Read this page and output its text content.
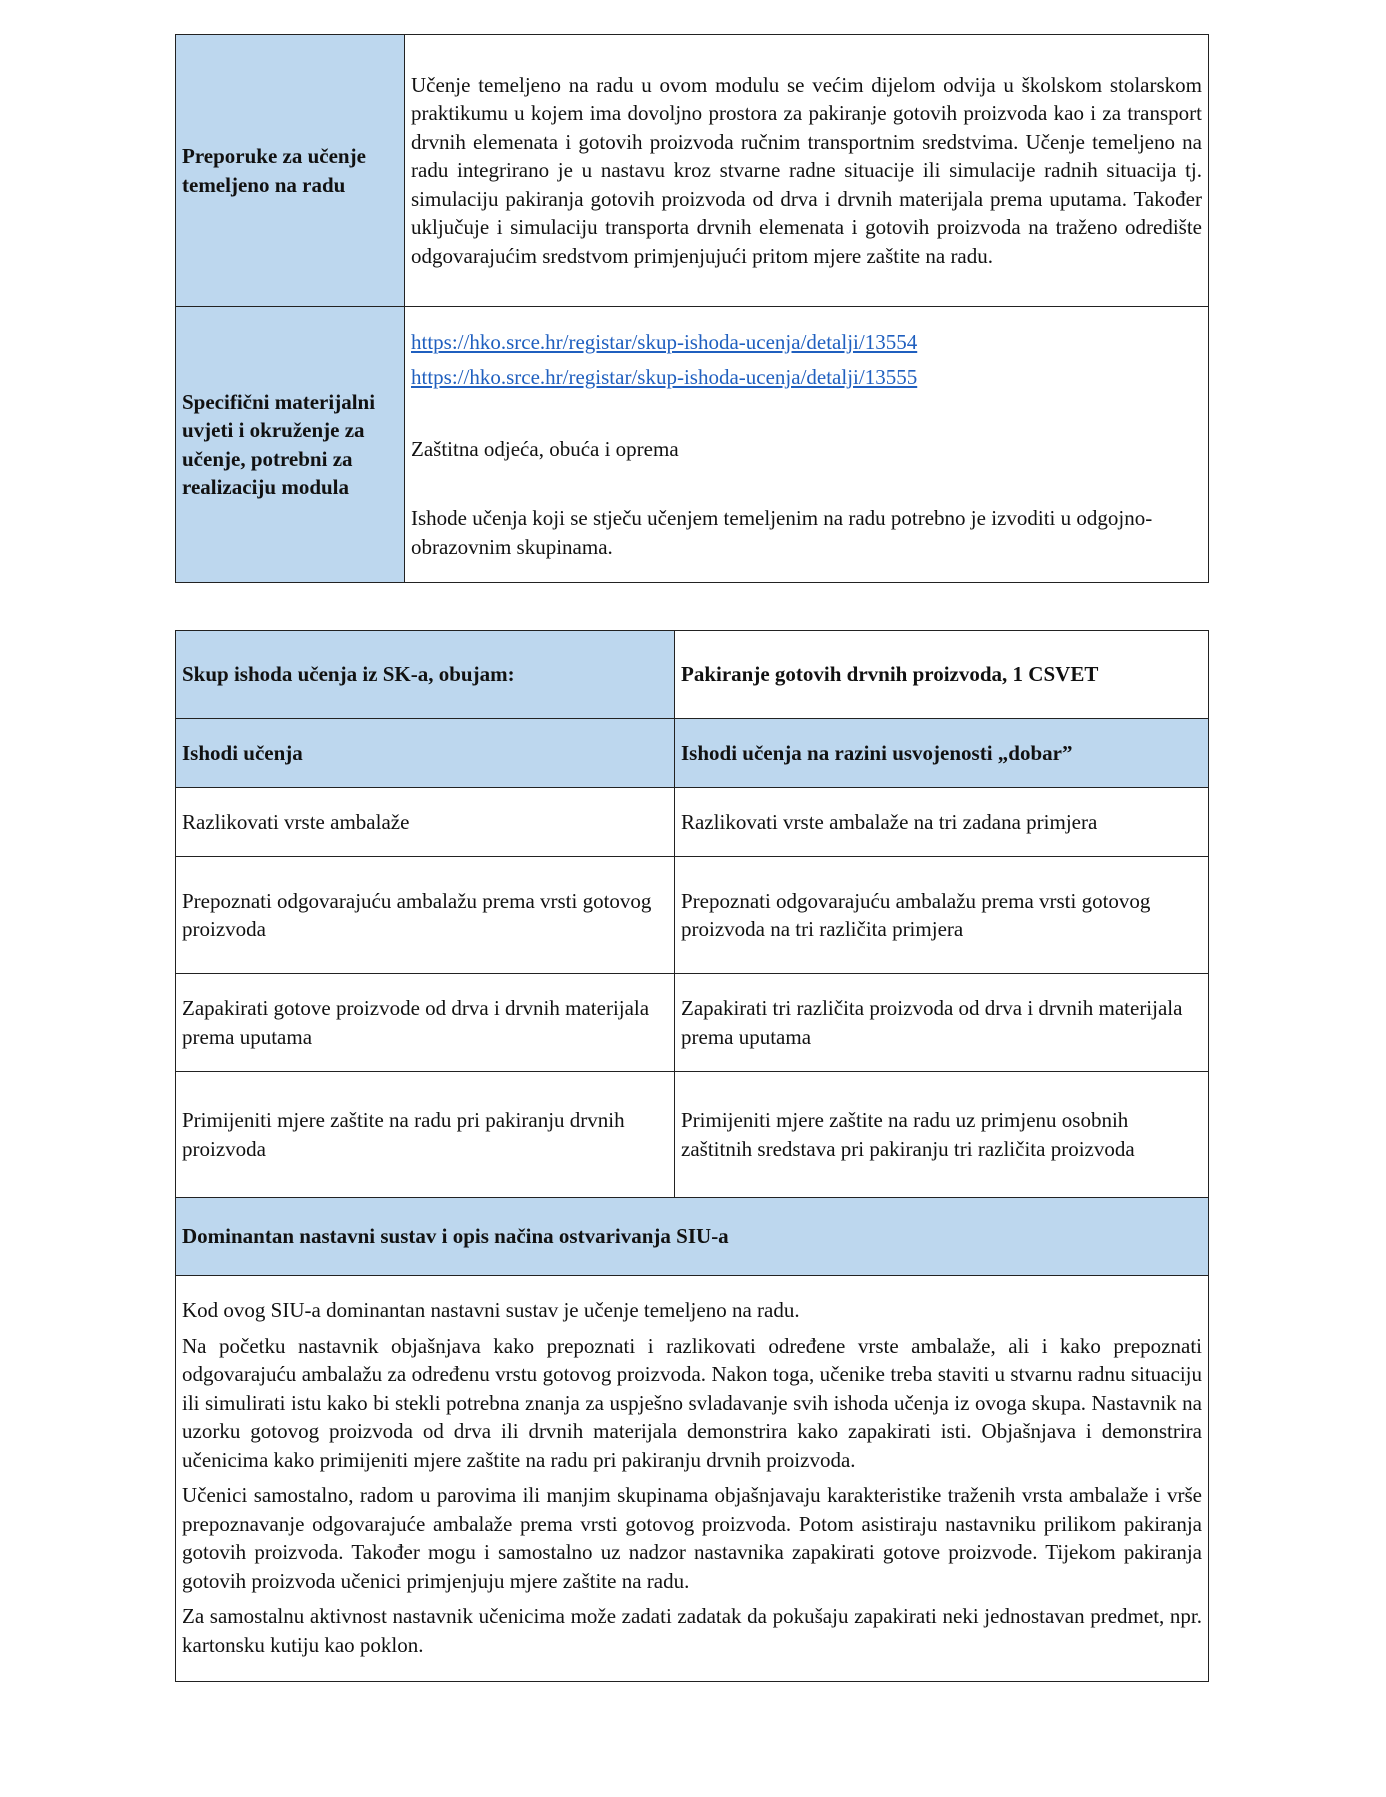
Preporuke za učenje temeljeno na radu	Učenje temeljeno na radu u ovom modulu se većim dijelom odvija u školskom stolarskom praktikumu u kojem ima dovoljno prostora za pakiranje gotovih proizvoda kao i za transport drvnih elemenata i gotovih proizvoda ručnim transportnim sredstvima. Učenje temeljeno na radu integrirano je u nastavu kroz stvarne radne situacije ili simulacije radnih situacija tj. simulaciju pakiranja gotovih proizvoda od drva i drvnih materijala prema uputama. Također uključuje i simulaciju transporta drvnih elemenata i gotovih proizvoda na traženo odredište odgovarajućim sredstvom primjenjujući pritom mjere zaštite na radu.
Specifični materijalni uvjeti i okruženje za učenje, potrebni za realizaciju modula	https://hko.srce.hr/registar/skup-ishoda-ucenja/detalji/13554

https://hko.srce.hr/registar/skup-ishoda-ucenja/detalji/13555

Zaštitna odjeća, obuća i oprema

Ishode učenja koji se stječu učenjem temeljenim na radu potrebno je izvoditi u odgojno-obrazovnim skupinama.

Skup ishoda učenja iz SK-a, obujam:	Pakiranje gotovih drvnih proizvoda, 1 CSVET
Ishodi učenja	Ishodi učenja na razini usvojenosti „dobar”
Razlikovati vrste ambalaže	Razlikovati vrste ambalaže na tri zadana primjera
Prepoznati odgovarajuću ambalažu prema vrsti gotovog proizvoda	Prepoznati odgovarajuću ambalažu prema vrsti gotovog proizvoda na tri različita primjera
Zapakirati gotove proizvode od drva i drvnih materijala prema uputama	Zapakirati tri različita proizvoda od drva i drvnih materijala prema uputama
Primijeniti mjere zaštite na radu pri pakiranju drvnih proizvoda	Primijeniti mjere zaštite na radu uz primjenu osobnih zaštitnih sredstava pri pakiranju tri različita proizvoda
Dominantan nastavni sustav i opis načina ostvarivanja SIU-a	

Kod ovog SIU-a dominantan nastavni sustav je učenje temeljeno na radu.

Na početku nastavnik objašnjava kako prepoznati i razlikovati određene vrste ambalaže, ali i kako prepoznati odgovarajuću ambalažu za određenu vrstu gotovog proizvoda. Nakon toga, učenike treba staviti u stvarnu radnu situaciju ili simulirati istu kako bi stekli potrebna znanja za uspješno svladavanje svih ishoda učenja iz ovoga skupa. Nastavnik na uzorku gotovog proizvoda od drva ili drvnih materijala demonstrira kako zapakirati isti. Objašnjava i demonstrira učenicima kako primijeniti mjere zaštite na radu pri pakiranju drvnih proizvoda.

Učenici samostalno, radom u parovima ili manjim skupinama objašnjavaju karakteristike traženih vrsta ambalaže i vrše prepoznavanje odgovarajuće ambalaže prema vrsti gotovog proizvoda. Potom asistiraju nastavniku prilikom pakiranja gotovih proizvoda. Također mogu i samostalno uz nadzor nastavnika zapakirati gotove proizvode. Tijekom pakiranja gotovih proizvoda učenici primjenjuju mjere zaštite na radu.

Za samostalnu aktivnost nastavnik učenicima može zadati zadatak da pokušaju zapakirati neki jednostavan predmet, npr. kartonsku kutiju kao poklon.	
